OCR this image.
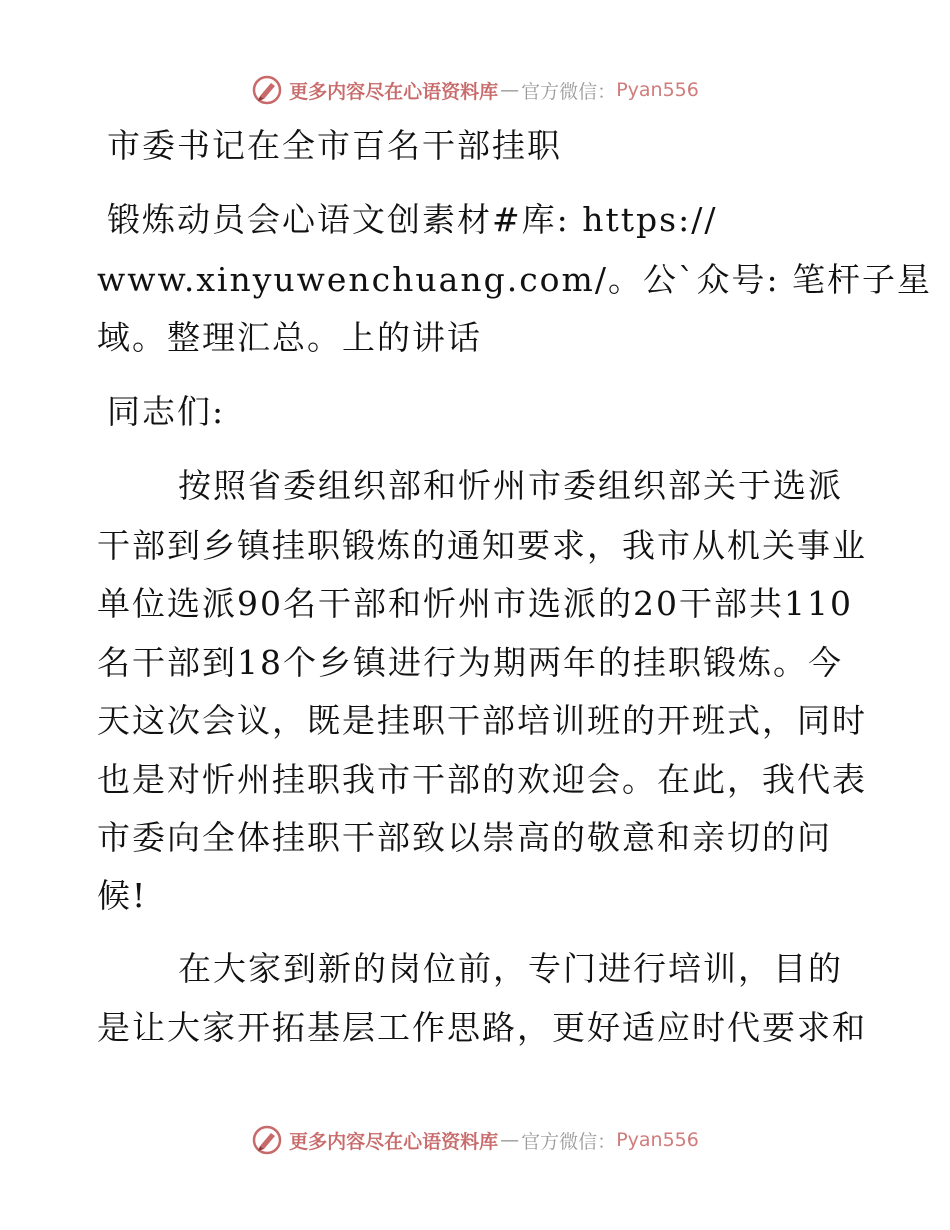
更多内容尽在心语资料库 — 官方微信： Pyan556
市委书记在全市百名干部挂职
锻炼动员会心语文创素材#库: https://
www.xinyuwenchuang.com/。公`众号: 笔杆子星
域。整理汇总。上的讲话
同志们:
按照省委组织部和忻州市委组织部关于选派
干部到乡镇挂职锻炼的通知要求，我市从机关事业
单位选派90名干部和忻州市选派的20干部共110
名干部到18个乡镇进行为期两年的挂职锻炼。今
天这次会议，既是挂职干部培训班的开班式，同时
也是对忻州挂职我市干部的欢迎会。在此，我代表
市委向全体挂职干部致以崇高的敬意和亲切的问
候!
在大家到新的岗位前，专门进行培训，目的
是让大家开拓基层工作思路，更好适应时代要求和
更多内容尽在心语资料库 — 官方微信： Pyan556
